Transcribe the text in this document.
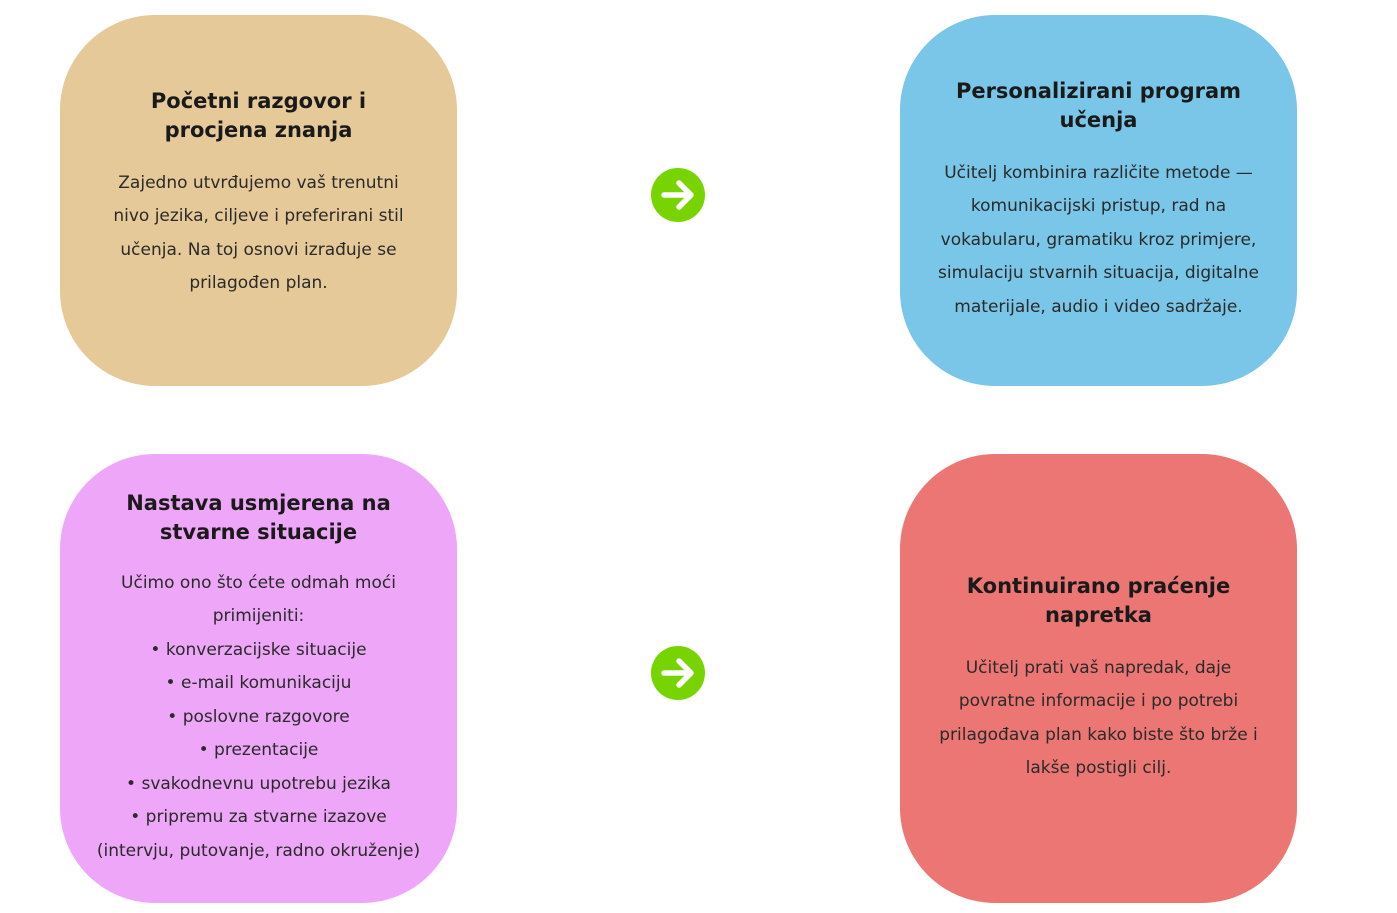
Početni razgovor i procjena znanja

Zajedno utvrđujemo vaš trenutni nivo jezika, ciljeve i preferirani stil učenja. Na toj osnovi izrađuje se prilagođen plan.

Personalizirani program učenja

Učitelj kombinira različite metode — komunikacijski pristup, rad na vokabularu, gramatiku kroz primjere, simulaciju stvarnih situacija, digitalne materijale, audio i video sadržaje.

Nastava usmjerena na stvarne situacije

Učimo ono što ćete odmah moći primijeniti:

• konverzacijske situacije
• e-mail komunikaciju
• poslovne razgovore
• prezentacije
• svakodnevnu upotrebu jezika
• pripremu za stvarne izazove

(intervju, putovanje, radno okruženje)

Kontinuirano praćenje napretka

Učitelj prati vaš napredak, daje povratne informacije i po potrebi prilagođava plan kako biste što brže i lakše postigli cilj.
